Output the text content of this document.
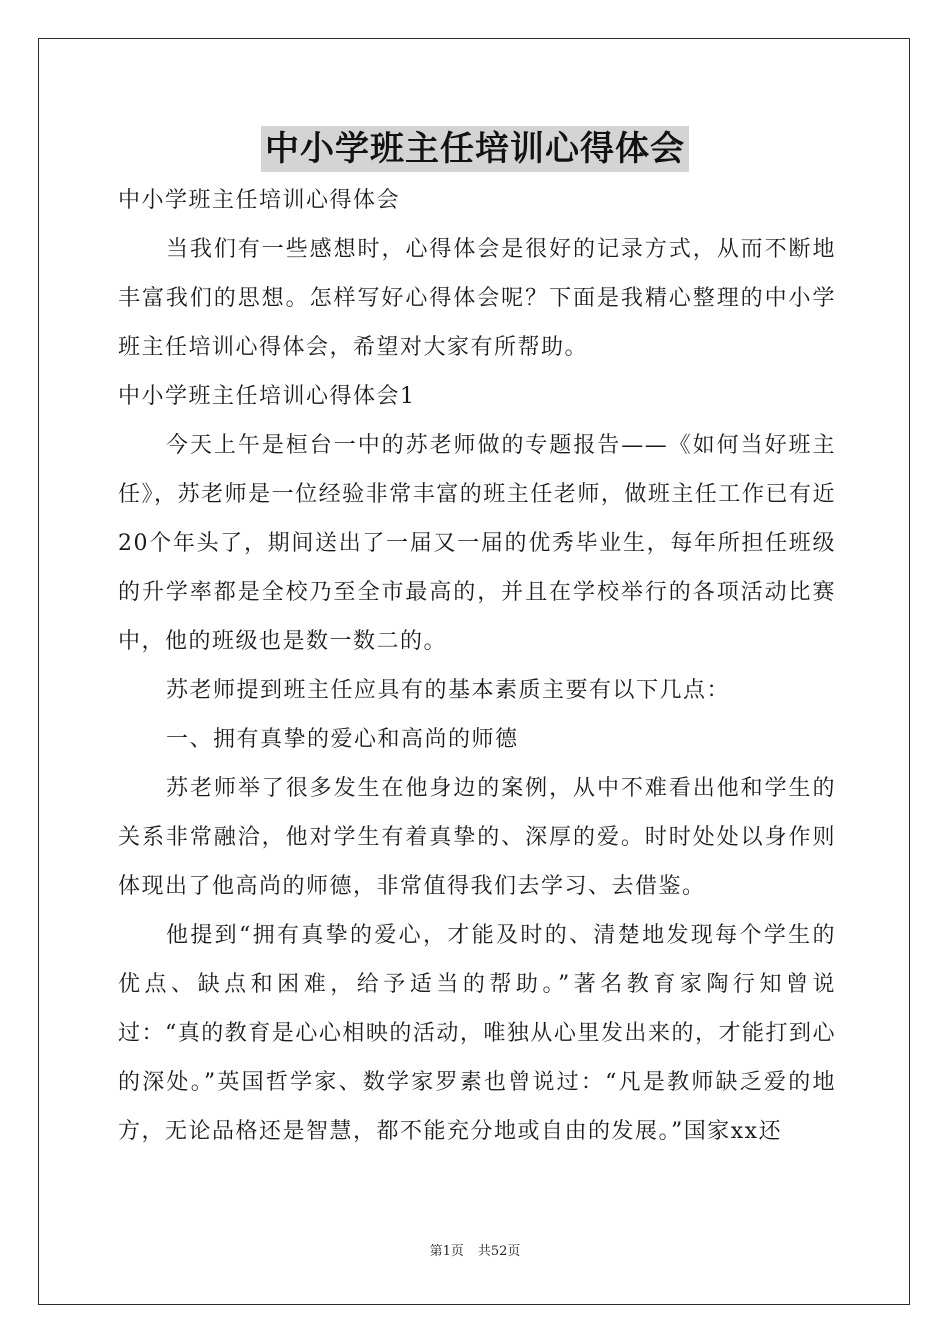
中小学班主任培训心得体会

中小学班主任培训心得体会

当我们有一些感想时，心得体会是很好的记录方式，从而不断地丰富我们的思想。怎样写好心得体会呢？下面是我精心整理的中小学班主任培训心得体会，希望对大家有所帮助。

中小学班主任培训心得体会1

今天上午是桓台一中的苏老师做的专题报告——《如何当好班主任》，苏老师是一位经验非常丰富的班主任老师，做班主任工作已有近20个年头了，期间送出了一届又一届的优秀毕业生，每年所担任班级的升学率都是全校乃至全市最高的，并且在学校举行的各项活动比赛中，他的班级也是数一数二的。

苏老师提到班主任应具有的基本素质主要有以下几点：

一、拥有真挚的爱心和高尚的师德

苏老师举了很多发生在他身边的案例，从中不难看出他和学生的关系非常融洽，他对学生有着真挚的、深厚的爱。时时处处以身作则体现出了他高尚的师德，非常值得我们去学习、去借鉴。

他提到“拥有真挚的爱心，才能及时的、清楚地发现每个学生的优点、缺点和困难，给予适当的帮助。”著名教育家陶行知曾说过：“真的教育是心心相映的活动，唯独从心里发出来的，才能打到心的深处。”英国哲学家、数学家罗素也曾说过：“凡是教师缺乏爱的地方，无论品格还是智慧，都不能充分地或自由的发展。”国家xx还

第1页 共52页
